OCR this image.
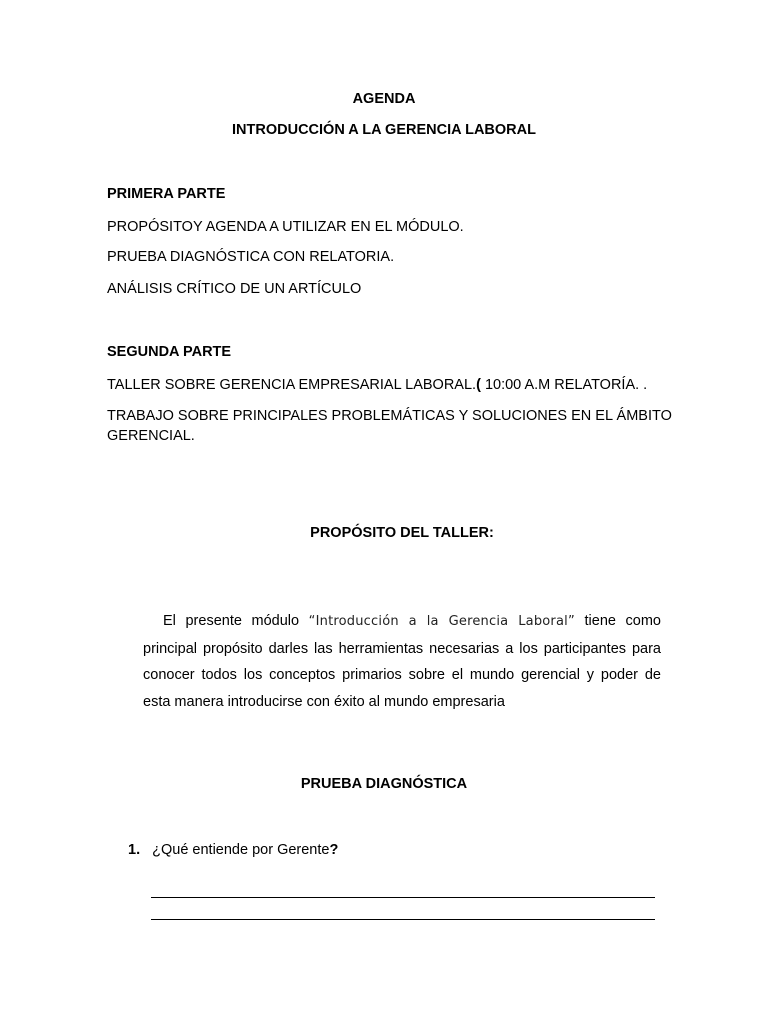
AGENDA
INTRODUCCIÓN A LA GERENCIA LABORAL
PRIMERA PARTE
PROPÓSITOY AGENDA A UTILIZAR EN EL MÓDULO.
PRUEBA DIAGNÓSTICA CON RELATORIA.
ANÁLISIS CRÍTICO DE UN ARTÍCULO
SEGUNDA PARTE
TALLER SOBRE GERENCIA EMPRESARIAL LABORAL.( 10:00 A.M RELATORÍA. .
TRABAJO SOBRE PRINCIPALES PROBLEMÁTICAS Y SOLUCIONES EN EL ÁMBITO
GERENCIAL.
PROPÓSITO DEL TALLER:
El presente módulo “Introducción a la Gerencia Laboral” tiene como principal propósito darles las herramientas necesarias a los participantes para conocer todos los conceptos primarios sobre el mundo gerencial y poder de esta manera introducirse con éxito al mundo empresaria
PRUEBA DIAGNÓSTICA
1. ¿Qué entiende por Gerente?
